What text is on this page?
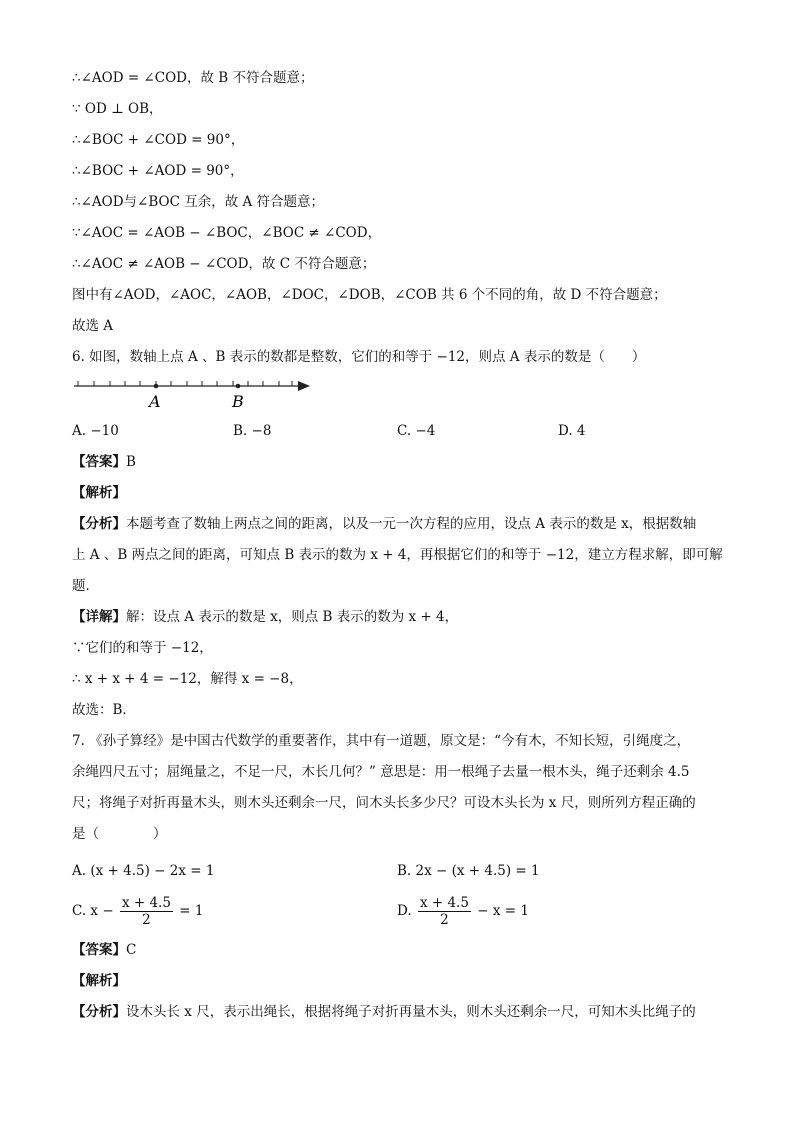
∴∠AOD = ∠COD，故 B 不符合题意；
∵ OD ⊥ OB，
∴∠BOC + ∠COD = 90°，
∴∠BOC + ∠AOD = 90°，
∴∠AOD与∠BOC 互余，故 A 符合题意；
∵∠AOC = ∠AOB − ∠BOC，∠BOC ≠ ∠COD，
∴∠AOC ≠ ∠AOB − ∠COD，故 C 不符合题意；
图中有∠AOD，∠AOC，∠AOB，∠DOC，∠DOB，∠COB 共 6 个不同的角，故 D 不符合题意；
故选 A
6. 如图，数轴上点 A 、B 表示的数都是整数，它们的和等于 −12，则点 A 表示的数是（　　）
A	B
A. −10	B. −8	C. −4	D. 4
【答案】B
【解析】
【分析】本题考查了数轴上两点之间的距离，以及一元一次方程的应用，设点 A 表示的数是 x，根据数轴
上 A 、B 两点之间的距离，可知点 B 表示的数为 x + 4，再根据它们的和等于 −12，建立方程求解，即可解
题．
【详解】解：设点 A 表示的数是 x，则点 B 表示的数为 x + 4，
∵它们的和等于 −12，
∴ x + x + 4 = −12，解得 x = −8，
故选：B．
7. 《孙子算经》是中国古代数学的重要著作，其中有一道题，原文是：“今有木，不知长短，引绳度之，
余绳四尺五寸；屈绳量之，不足一尺，木长几何？” 意思是：用一根绳子去量一根木头，绳子还剩余 4.5
尺；将绳子对折再量木头，则木头还剩余一尺，问木头长多少尺？可设木头长为 x 尺，则所列方程正确的
是（　　　　）
A. (x + 4.5) − 2x = 1	B. 2x − (x + 4.5) = 1
C. $x - \frac{x + 4.5}{2} = 1$	D. $\frac{x + 4.5}{2} - x = 1$
【答案】C
【解析】
【分析】设木头长 x 尺，表示出绳长，根据将绳子对折再量木头，则木头还剩余一尺，可知木头比绳子的
